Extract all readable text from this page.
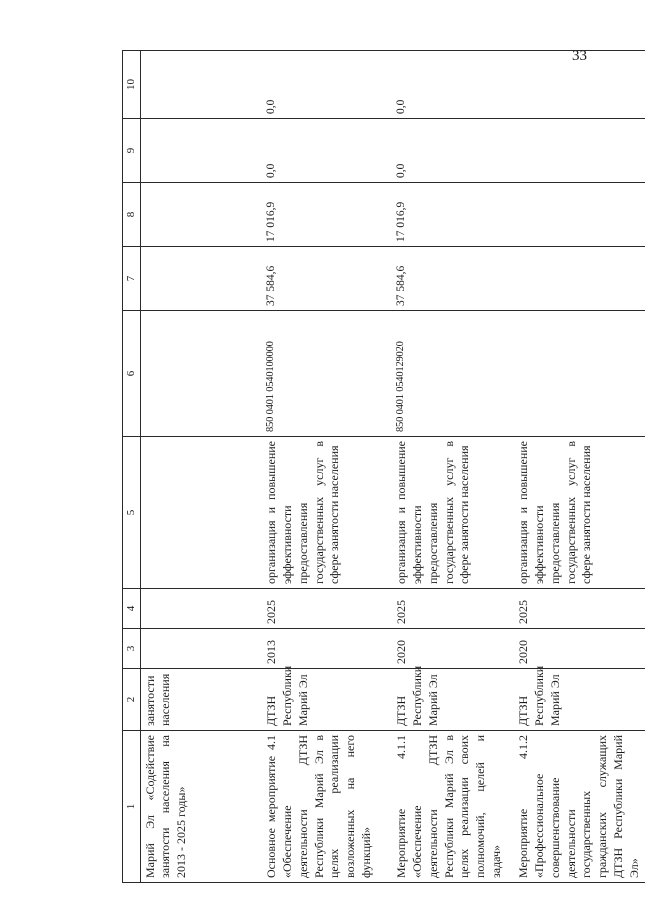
33
1	2	3	4	5	6	7	8	9	10
Марий Эл «Содействие занятости населения на 2013 - 2025 годы»	занятости населения								
Основное мероприятие 4.1 «Обеспечение деятельности ДТЗН Республики Марий Эл в целях реализации возложенных на него функций»	ДТЗН Республики Марий Эл	2013	2025	организация и повышение эффективности предоставления государственных услуг в сфере занятости населения	850 0401 0540100000	37 584,6	17 016,9	0,0	0,0
Мероприятие 4.1.1 «Обеспечение деятельности ДТЗН Республики Марий Эл в целях реализации своих полномочий, целей и задач»	ДТЗН Республики Марий Эл	2020	2025	организация и повышение эффективности предоставления государственных услуг в сфере занятости населения	850 0401 0540129020	37 584,6	17 016,9	0,0	0,0
Мероприятие 4.1.2 «Профессиональное совершенствование деятельности государственных гражданских служащих ДТЗН Республики Марий Эл»	ДТЗН Республики Марий Эл	2020	2025	организация и повышение эффективности предоставления государственных услуг в сфере занятости населения					
